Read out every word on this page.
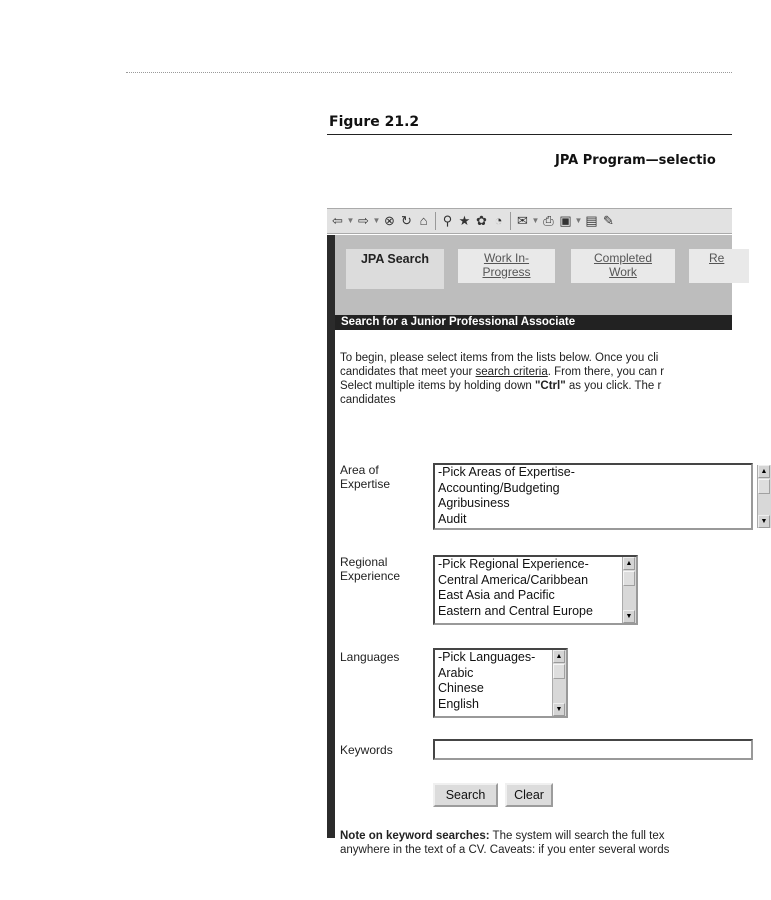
Figure 21.2
JPA Program—selectio
⇦ ▼ ⇨ ▼ ⊗ ↻ ⌂	⚲ ★ ✿ ◔	✉ ▼ ⎙ ▣ ▼ ▤ ✎
JPA Search	Work In-
Progress
Completed
Work
Re
Search for a Junior Professional Associate

To begin, please select items from the lists below. Once you cli

candidates that meet your search criteria. From there, you can r

Select multiple items by holding down "Ctrl" as you click. The r

candidates

Area of
Expertise
-Pick Areas of Expertise-
Accounting/Budgeting
Agribusiness
Audit
▲
▼
Regional
Experience
-Pick Regional Experience-
Central America/Caribbean
East Asia and Pacific
Eastern and Central Europe
▲
▼
Languages	-Pick Languages-
Arabic
Chinese
English
▲
▼
Keywords
Search	Clear

Note on keyword searches: The system will search the full tex

anywhere in the text of a CV. Caveats: if you enter several words
